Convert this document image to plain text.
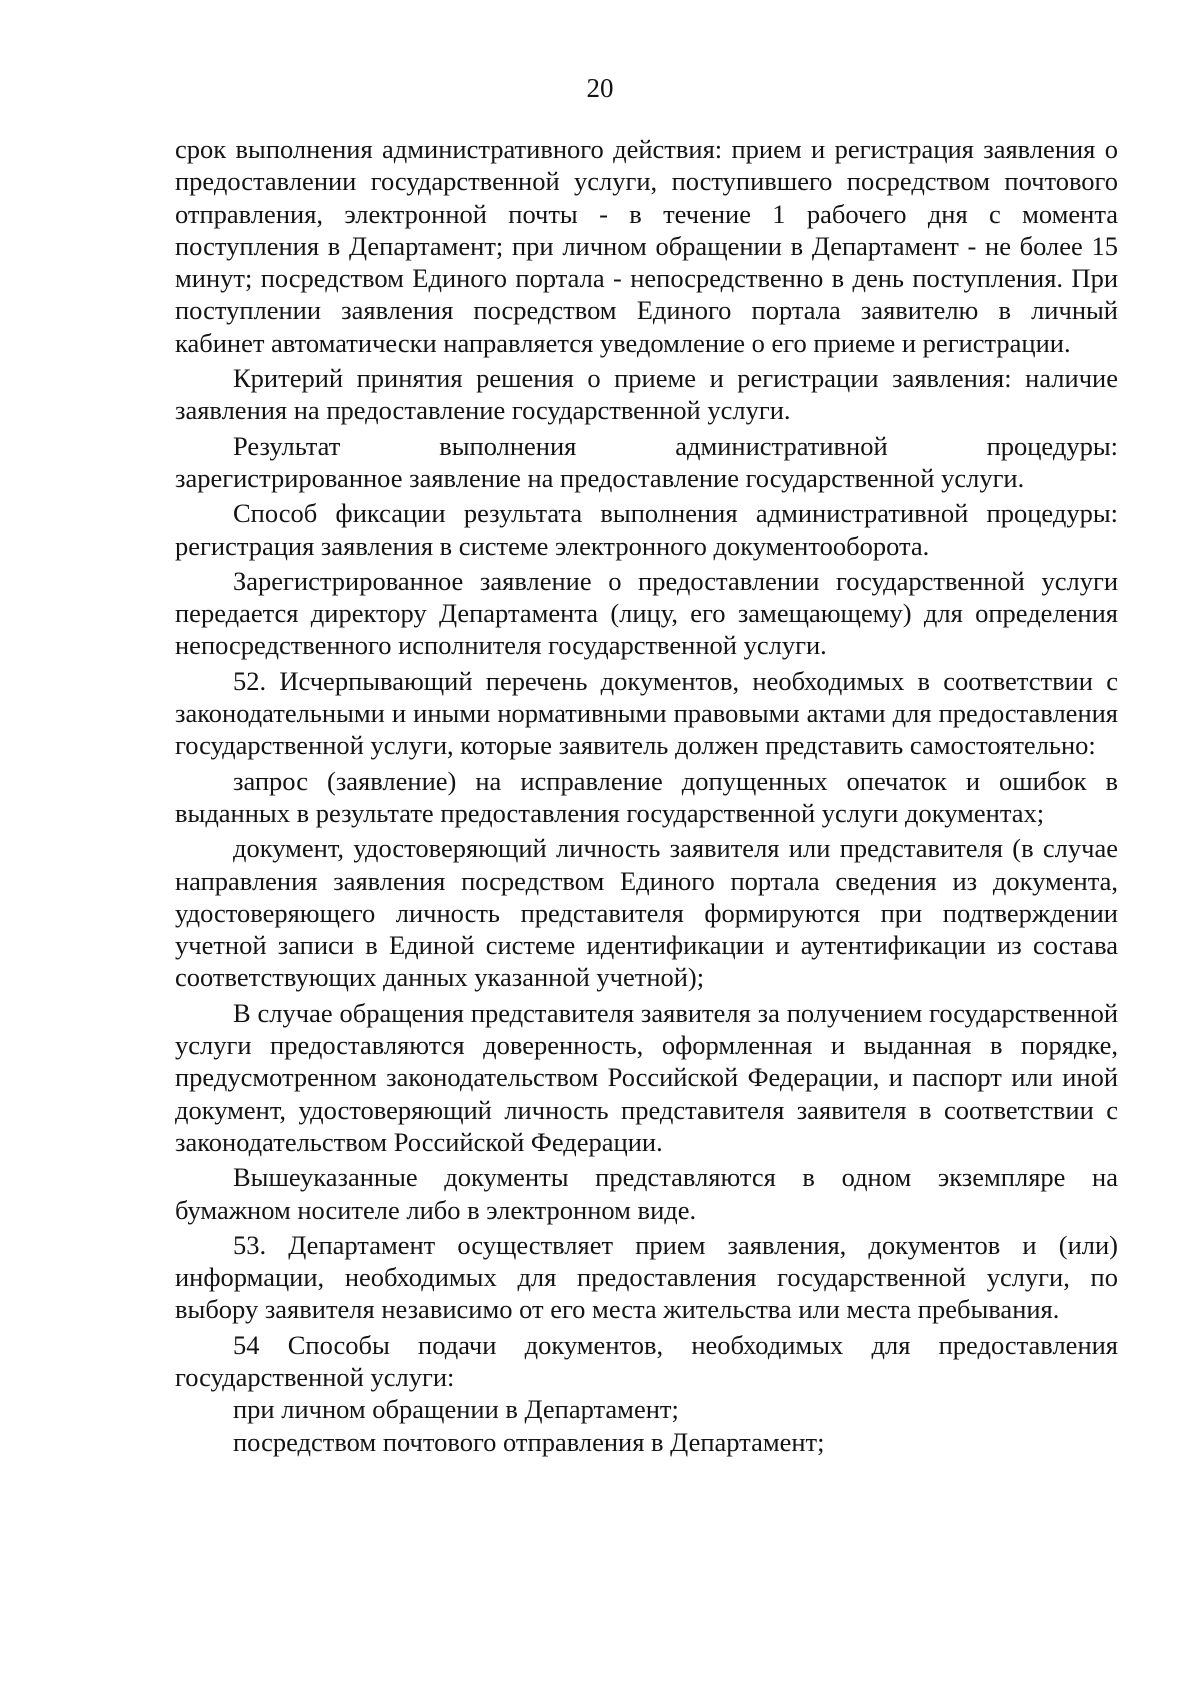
20

срок выполнения административного действия: прием и регистрация заявления о предоставлении государственной услуги, поступившего посредством почтового отправления, электронной почты - в течение 1 рабочего дня с момента поступления в Департамент; при личном обращении в Департамент - не более 15 минут; посредством Единого портала - непосредственно в день поступления. При поступлении заявления посредством Единого портала заявителю в личный кабинет автоматически направляется уведомление о его приеме и регистрации.

Критерий принятия решения о приеме и регистрации заявления: наличие заявления на предоставление государственной услуги.

Результат выполнения административной процедуры:

зарегистрированное заявление на предоставление государственной услуги.

Способ фиксации результата выполнения административной процедуры: регистрация заявления в системе электронного документооборота.

Зарегистрированное заявление о предоставлении государственной услуги передается директору Департамента (лицу, его замещающему) для определения непосредственного исполнителя государственной услуги.

52. Исчерпывающий перечень документов, необходимых в соответствии с законодательными и иными нормативными правовыми актами для предоставления государственной услуги, которые заявитель должен представить самостоятельно:

запрос (заявление) на исправление допущенных опечаток и ошибок в выданных в результате предоставления государственной услуги документах;

документ, удостоверяющий личность заявителя или представителя (в случае направления заявления посредством Единого портала сведения из документа, удостоверяющего личность представителя формируются при подтверждении учетной записи в Единой системе идентификации и аутентификации из состава соответствующих данных указанной учетной);

В случае обращения представителя заявителя за получением государственной услуги предоставляются доверенность, оформленная и выданная в порядке, предусмотренном законодательством Российской Федерации, и паспорт или иной документ, удостоверяющий личность представителя заявителя в соответствии с законодательством Российской Федерации.

Вышеуказанные документы представляются в одном экземпляре на бумажном носителе либо в электронном виде.

53. Департамент осуществляет прием заявления, документов и (или) информации, необходимых для предоставления государственной услуги, по выбору заявителя независимо от его места жительства или места пребывания.

54 Способы подачи документов, необходимых для предоставления государственной услуги:

при личном обращении в Департамент;

посредством почтового отправления в Департамент;
